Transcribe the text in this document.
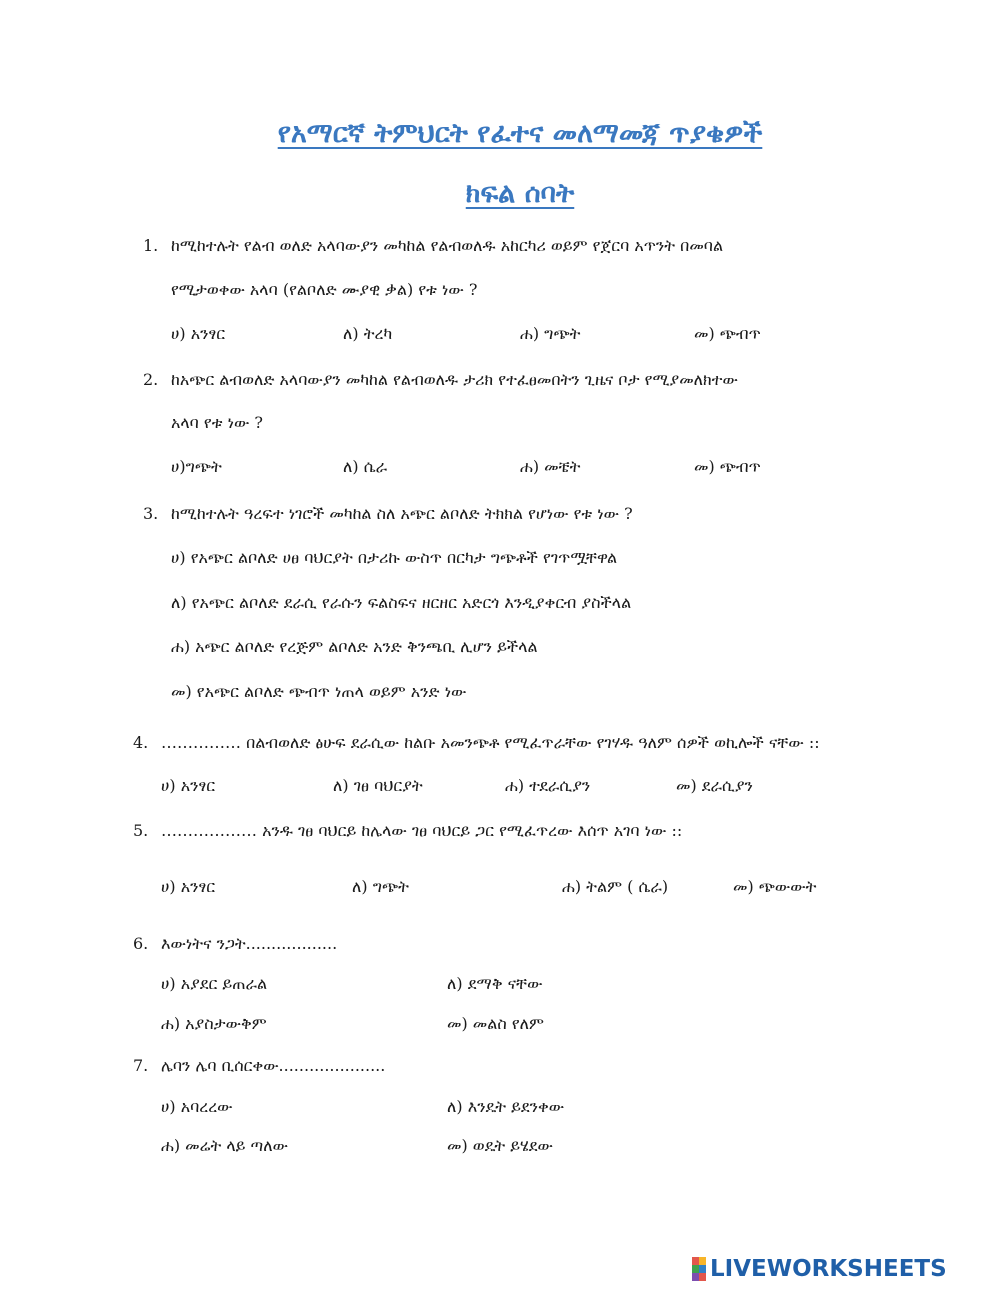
የአማርኛ ትምህርት የፈተና መለማመጃ ጥያቄዎች
ክፍል ሰባት
1. ከሚከተሉት የልብ ወለድ አላባውያን መካከል የልብወለዱ አከርካሪ ወይም የጀርባ አጥንት በመባል
የሚታወቀው አላባ (የልቦለድ ሙያዊ ቃል) የቱ ነው ?
ሀ) አንፃር	ለ) ትረካ	ሐ) ግጭት	መ) ጭብጥ
2. ከአጭር ልብወለድ አላባውያን መካከል የልብወለዱ ታሪክ የተፈፀመበትን ጊዜና ቦታ የሚያመለክተው
አላባ የቱ ነው ?
ሀ)ግጭት	ለ) ሴራ	ሐ) መቼት	መ) ጭብጥ
3. ከሚከተሉት ዓረፍተ ነገሮች መካከል ስለ አጭር ልቦለድ ትክክል የሆነው የቱ ነው ?
ሀ) የአጭር ልቦለድ ሀፀ ባህርያት በታሪኩ ውስጥ በርካታ ግጭቶች የገጥሟቸዋል
ለ) የአጭር ልቦለድ ደራሲ የራሱን ፍልስፍና ዘርዘር አድርጎ እንዲያቀርብ ያስችላል
ሐ) አጭር ልቦለድ የረጅም ልቦለድ አንድ ቅንጫቢ ሊሆን ይችላል
መ) የአጭር ልቦለድ ጭብጥ ነጠላ ወይም አንድ ነው
4. …………… በልብወለድ ፅሁፍ ደራሲው ከልቡ አመንጭቶ የሚፈጥራቸው የገሃዱ ዓለም ሰዎች ወኪሎች ናቸው ::
ሀ) አንፃር	ለ) ገፀ ባህርያት	ሐ) ተደራሲያን	መ) ደራሲያን
5. ……………… አንዱ ገፀ ባህርይ ከሌላው ገፀ ባህርይ ጋር የሚፈጥረው እሰጥ አገባ ነው ::
ሀ) አንፃር	ለ) ግጭት	ሐ) ትልም ( ሴራ)	መ) ጭውውት
6. እውነትና ንጋት..................
ሀ) አያደር ይጠራል	ለ) ደማቅ ናቸው
ሐ) አያስታውቅም	መ) መልስ የለም
7. ሌባን ሌባ ቢሰርቀው.....................
ሀ) አባረረው	ለ) እንዴት ይደንቀው
ሐ) መሬት ላይ ጣለው	መ) ወዴት ይሄደው
LIVEWORKSHEETS
